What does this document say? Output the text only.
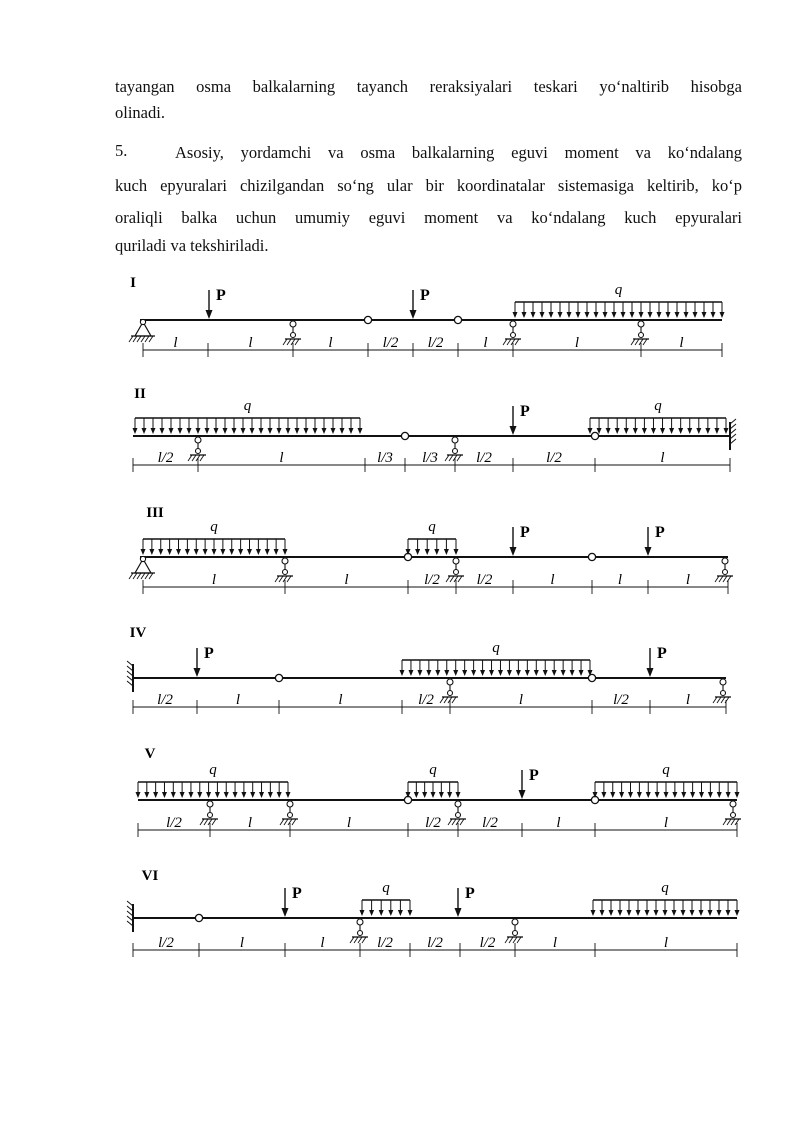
tayangan osma balkalarning tayanch reraksiyalari teskari yo‘naltirib hisobga
olinadi.
5.	Asosiy, yordamchi va osma balkalarning eguvi moment va ko‘ndalang
kuch epyuralari chizilgandan so‘ng ular bir koordinatalar sistemasiga keltirib, ko‘p
oraliqli balka uchun umumiy eguvi moment va ko‘ndalang kuch epyuralari
quriladi va tekshiriladi.
I
P	P	q
l	l	l	l/2 l/2	l	l	l
II
q	P	q
l/2	l	l/3 l/3	l/2	l/2	l
III
q	q	P	P
l	l	l/2 l/2	l	l	l
IV
P	q	P
l/2	l	l	l/2	l	l/2	l
V
q	q	P	q
l/2	l	l	l/2	l/2	l	l
VI
P	q	P	q
l/2	l	l	l/2 l/2 l/2	l	l
